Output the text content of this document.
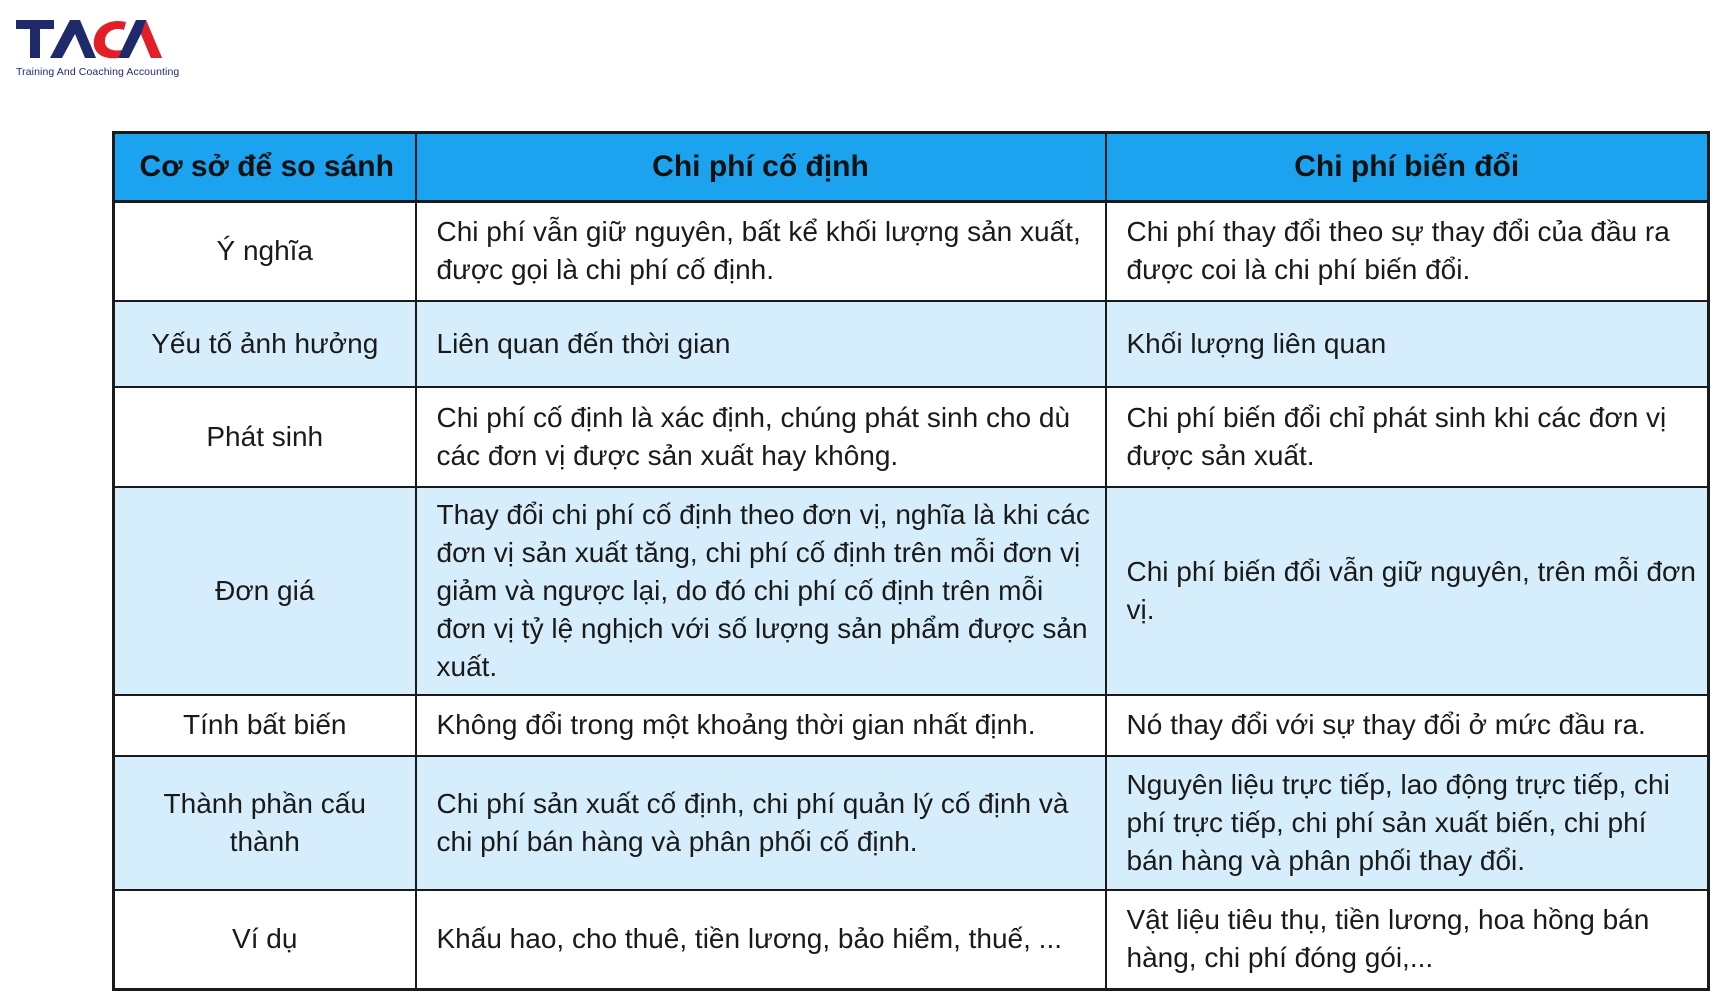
Training And Coaching Accounting
Cơ sở để so sánh	Chi phí cố định	Chi phí biến đổi
Ý nghĩa	Chi phí vẫn giữ nguyên, bất kể khối lượng sản xuất, được gọi là chi phí cố định.	Chi phí thay đổi theo sự thay đổi của đầu ra được coi là chi phí biến đổi.
Yếu tố ảnh hưởng	Liên quan đến thời gian	Khối lượng liên quan
Phát sinh	Chi phí cố định là xác định, chúng phát sinh cho dù các đơn vị được sản xuất hay không.	Chi phí biến đổi chỉ phát sinh khi các đơn vị được sản xuất.
Đơn giá	Thay đổi chi phí cố định theo đơn vị, nghĩa là khi các đơn vị sản xuất tăng, chi phí cố định trên mỗi đơn vị giảm và ngược lại, do đó chi phí cố định trên mỗi đơn vị tỷ lệ nghịch với số lượng sản phẩm được sản xuất.	Chi phí biến đổi vẫn giữ nguyên, trên mỗi đơn vị.
Tính bất biến	Không đổi trong một khoảng thời gian nhất định.	Nó thay đổi với sự thay đổi ở mức đầu ra.
Thành phần cấu thành	Chi phí sản xuất cố định, chi phí quản lý cố định và chi phí bán hàng và phân phối cố định.	Nguyên liệu trực tiếp, lao động trực tiếp, chi phí trực tiếp, chi phí sản xuất biến, chi phí bán hàng và phân phối thay đổi.
Ví dụ	Khấu hao, cho thuê, tiền lương, bảo hiểm, thuế, ...	Vật liệu tiêu thụ, tiền lương, hoa hồng bán hàng, chi phí đóng gói,...
